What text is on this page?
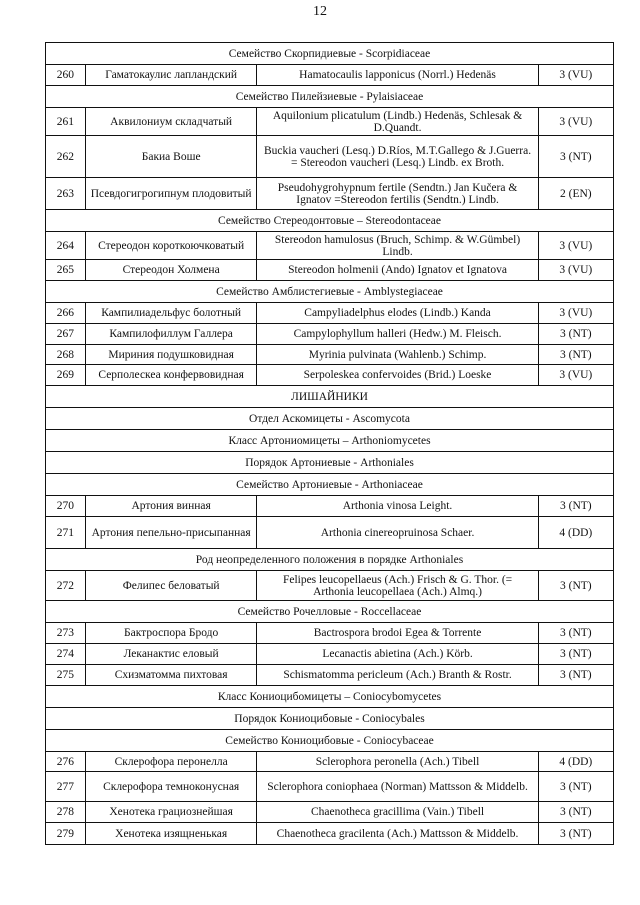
12
Семейство Скорпидиевые - Scorpidiaceae			
260	Гаматокаулис лапландский	Hamatocaulis lapponicus (Norrl.) Hedenäs	3 (VU)
Семейство Пилейзиевые - Pylaisiaceae			
261	Аквилониум складчатый	Aquilonium plicatulum (Lindb.) Hedenäs, Schlesak & D.Quandt.	3 (VU)
262	Бакиа Воше	Buckia vaucheri (Lesq.) D.Ríos, M.T.Gallego & J.Guerra. = Stereodon vaucheri (Lesq.) Lindb. ex Broth.	3 (NT)
263	Псевдогигрогипнум плодовитый	Pseudohygrohypnum fertile (Sendtn.) Jan Kučera & Ignatov =Stereodon fertilis (Sendtn.) Lindb.	2 (EN)
Семейство Стереодонтовые – Stereodontaceae			
264	Стереодон короткоючковатый	Stereodon hamulosus (Bruch, Schimp. & W.Gümbel) Lindb.	3 (VU)
265	Стереодон Холмена	Stereodon holmenii (Ando) Ignatov et Ignatova	3 (VU)
Семейство Амблистегиевые - Amblystegiaceae			
266	Кампилиадельфус болотный	Campyliadelphus elodes (Lindb.) Kanda	3 (VU)
267	Кампилофиллум Галлера	Campylophyllum halleri (Hedw.) M. Fleisch.	3 (NT)
268	Мириния подушковидная	Myrinia pulvinata (Wahlenb.) Schimp.	3 (NT)
269	Серполескеа конфервовидная	Serpoleskea confervoides (Brid.) Loeske	3 (VU)
ЛИШАЙНИКИ			
Отдел Аскомицеты - Ascomycota			
Класс Артониомицеты – Arthoniomycetes			
Порядок Артониевые - Arthoniales			
Семейство Артониевые - Arthoniaceae			
270	Артония винная	Arthonia vinosa Leight.	3 (NT)
271	Артония пепельно-присыпанная	Arthonia cinereopruinosa Schaer.	4 (DD)
Род неопределенного положения в порядке Arthoniales			
272	Фелипес беловатый	Felipes leucopellaeus (Ach.) Frisch & G. Thor. (= Arthonia leucopellaea (Ach.) Almq.)	3 (NT)
Семейство Рочелловые - Roccellaceae			
273	Бактроспора Бродо	Bactrospora brodoi Egea & Torrente	3 (NT)
274	Леканактис еловый	Lecanactis abietina (Ach.) Körb.	3 (NT)
275	Схизматомма пихтовая	Schismatomma pericleum (Ach.) Branth & Rostr.	3 (NT)
Класс Кониоцибомицеты – Coniocybomycetes			
Порядок Кониоцибовые - Coniocybales			
Семейство Кониоцибовые - Coniocybaceae			
276	Склерофора перонелла	Sclerophora peronella (Ach.) Tibell	4 (DD)
277	Склерофора темноконусная	Sclerophora coniophaea (Norman) Mattsson & Middelb.	3 (NT)
278	Хенотека грациознейшая	Chaenotheca gracillima (Vain.) Tibell	3 (NT)
279	Хенотека изящненькая	Chaenotheca gracilenta (Ach.) Mattsson & Middelb.	3 (NT)
